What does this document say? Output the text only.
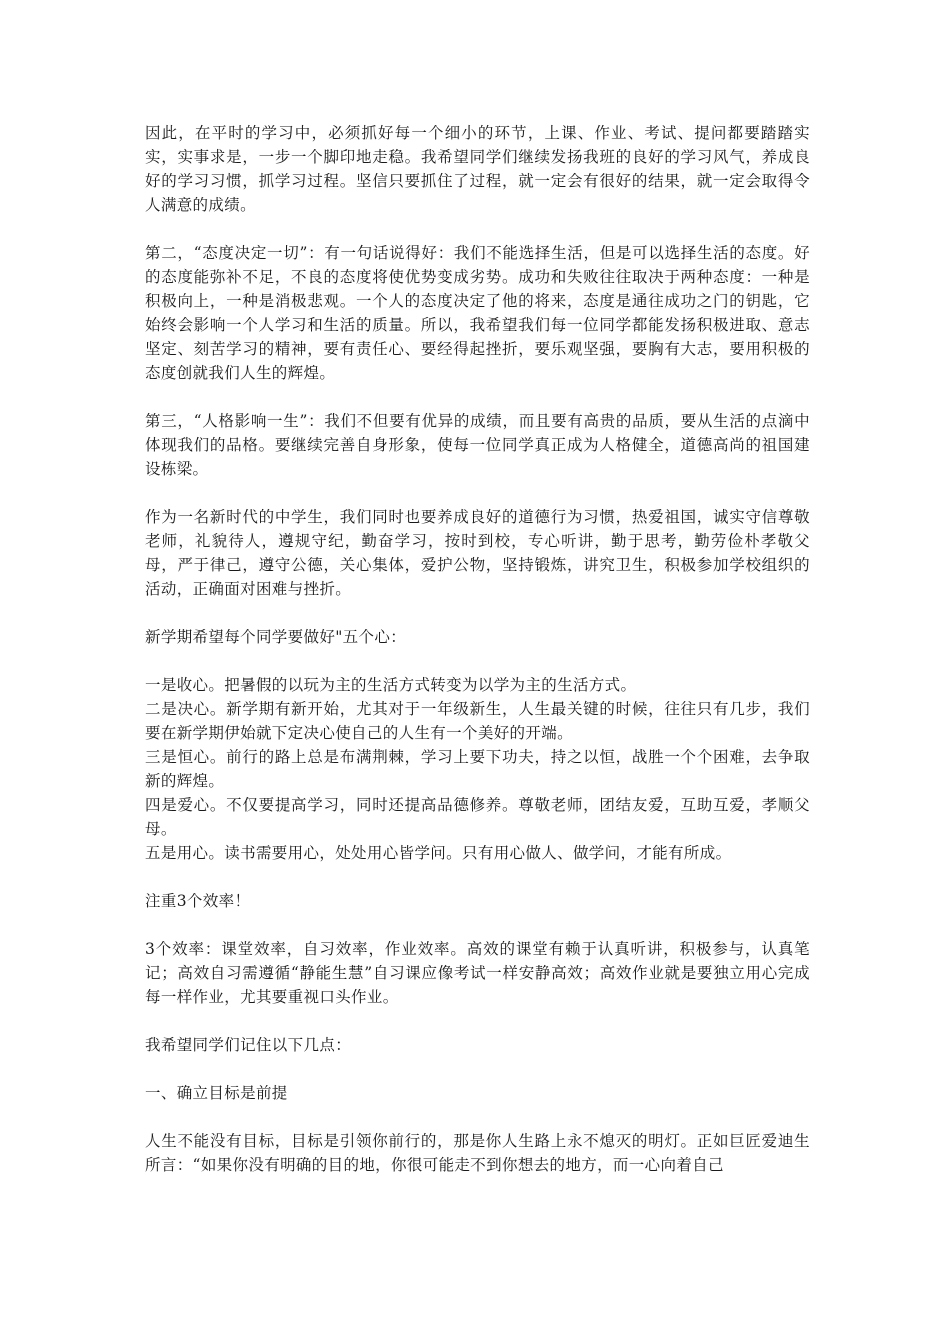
因此，在平时的学习中，必须抓好每一个细小的环节，上课、作业、考试、提问都要踏踏实实，实事求是，一步一个脚印地走稳。我希望同学们继续发扬我班的良好的学习风气，养成良好的学习习惯，抓学习过程。坚信只要抓住了过程，就一定会有很好的结果，就一定会取得令人满意的成绩。

第二，“态度决定一切”：有一句话说得好：我们不能选择生活，但是可以选择生活的态度。好的态度能弥补不足，不良的态度将使优势变成劣势。成功和失败往往取决于两种态度：一种是积极向上，一种是消极悲观。一个人的态度决定了他的将来，态度是通往成功之门的钥匙，它始终会影响一个人学习和生活的质量。所以，我希望我们每一位同学都能发扬积极进取、意志坚定、刻苦学习的精神，要有责任心、要经得起挫折，要乐观坚强，要胸有大志，要用积极的态度创就我们人生的辉煌。

第三，“人格影响一生”：我们不但要有优异的成绩，而且要有高贵的品质，要从生活的点滴中体现我们的品格。要继续完善自身形象，使每一位同学真正成为人格健全，道德高尚的祖国建设栋梁。

作为一名新时代的中学生，我们同时也要养成良好的道德行为习惯，热爱祖国，诚实守信尊敬老师，礼貌待人，遵规守纪，勤奋学习，按时到校，专心听讲，勤于思考，勤劳俭朴孝敬父母，严于律己，遵守公德，关心集体，爱护公物，坚持锻炼，讲究卫生，积极参加学校组织的活动，正确面对困难与挫折。

新学期希望每个同学要做好"五个心：

一是收心。把暑假的以玩为主的生活方式转变为以学为主的生活方式。

二是决心。新学期有新开始，尤其对于一年级新生，人生最关键的时候，往往只有几步，我们要在新学期伊始就下定决心使自己的人生有一个美好的开端。

三是恒心。前行的路上总是布满荆棘，学习上要下功夫，持之以恒，战胜一个个困难，去争取新的辉煌。

四是爱心。不仅要提高学习，同时还提高品德修养。尊敬老师，团结友爱，互助互爱，孝顺父母。

五是用心。读书需要用心，处处用心皆学问。只有用心做人、做学问，才能有所成。

注重3个效率！

3个效率：课堂效率，自习效率，作业效率。高效的课堂有赖于认真听讲，积极参与，认真笔记；高效自习需遵循“静能生慧”自习课应像考试一样安静高效；高效作业就是要独立用心完成每一样作业，尤其要重视口头作业。

我希望同学们记住以下几点：

一、确立目标是前提

人生不能没有目标，目标是引领你前行的，那是你人生路上永不熄灭的明灯。正如巨匠爱迪生所言：“如果你没有明确的目的地，你很可能走不到你想去的地方，而一心向着自己
